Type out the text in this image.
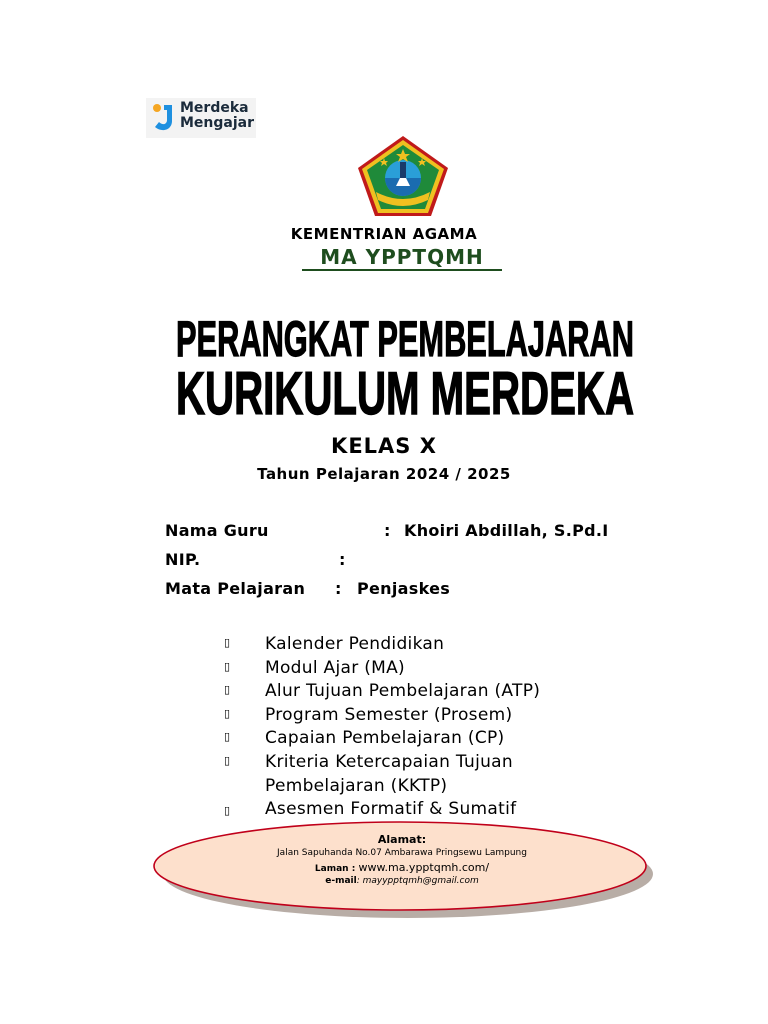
Merdeka
Mengajar
KEMENTRIAN AGAMA
MA YPPTQMH
PERANGKAT PEMBELAJARAN
KURIKULUM MERDEKA
KELAS X
Tahun Pelajaran 2024 / 2025
Nama Guru	: Khoiri Abdillah, S.Pd.I
NIP.	:
Mata Pelajaran : Penjaskes
▯ Kalender Pendidikan
▯ Modul Ajar (MA)
▯ Alur Tujuan Pembelajaran (ATP)
▯ Program Semester (Prosem)
▯ Capaian Pembelajaran (CP)
▯ Kriteria Ketercapaian Tujuan
Pembelajaran (KKTP)
▯ Asesmen Formatif & Sumatif
Alamat:
Jalan Sapuhanda No.07 Ambarawa Pringsewu Lampung
Laman : www.ma.ypptqmh.com/
e-mail: mayypptqmh@gmail.com
